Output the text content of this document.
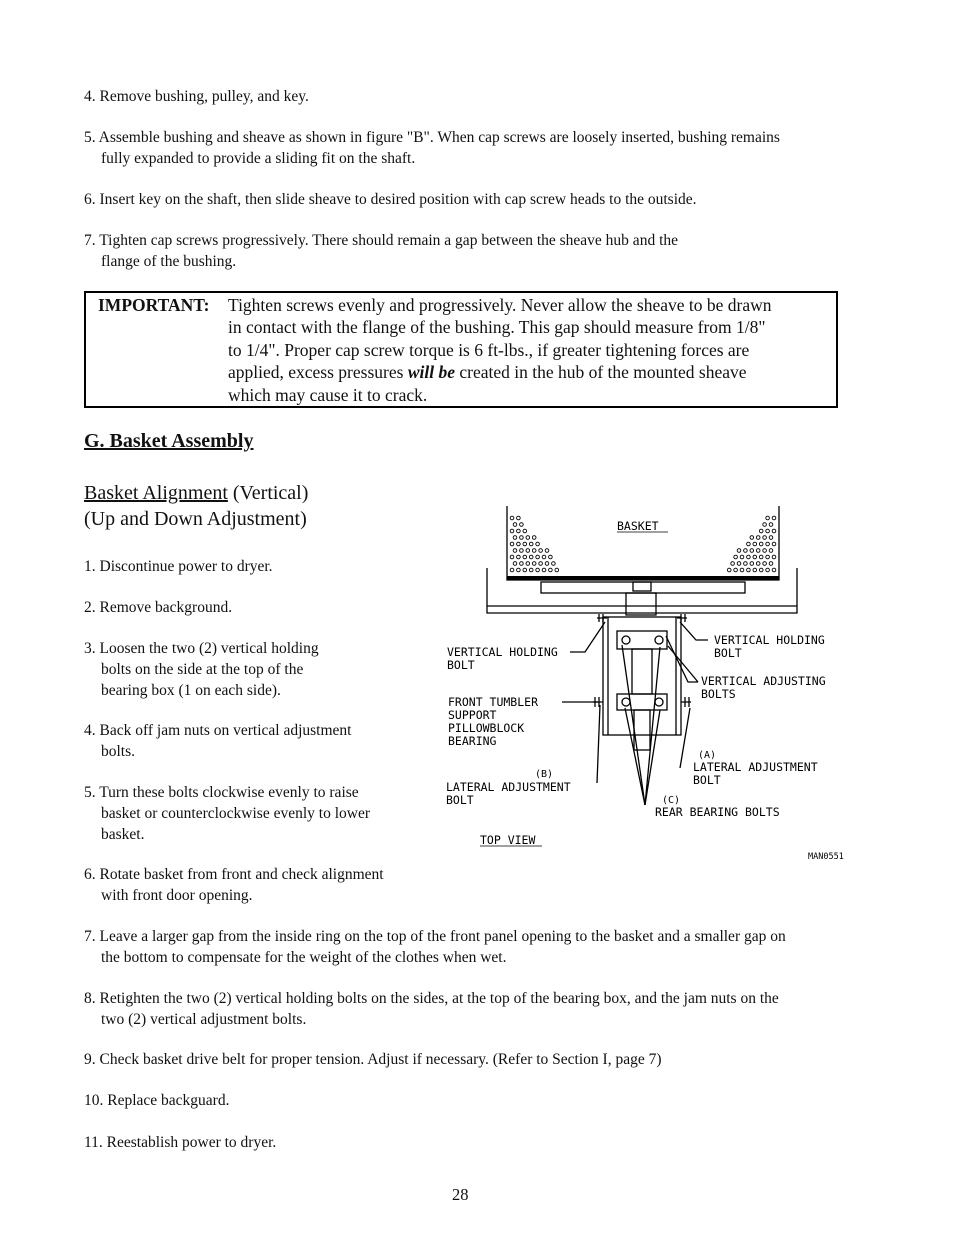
4. Remove bushing, pulley, and key.
5. Assemble bushing and sheave as shown in figure "B". When cap screws are loosely inserted, bushing remains
fully expanded to provide a sliding fit on the shaft.
6. Insert key on the shaft, then slide sheave to desired position with cap screw heads to the outside.
7. Tighten cap screws progressively. There should remain a gap between the sheave hub and the
flange of the bushing.
IMPORTANT: Tighten screws evenly and progressively. Never allow the sheave to be drawn
in contact with the flange of the bushing. This gap should measure from 1/8"
to 1/4". Proper cap screw torque is 6 ft-lbs., if greater tightening forces are
applied, excess pressures will be created in the hub of the mounted sheave
which may cause it to crack.
G. Basket Assembly
Basket Alignment (Vertical)
(Up and Down Adjustment)
1. Discontinue power to dryer.
2. Remove background.
3. Loosen the two (2) vertical holding
bolts on the side at the top of the
bearing box (1 on each side).
4. Back off jam nuts on vertical adjustment
bolts.
5. Turn these bolts clockwise evenly to raise
basket or counterclockwise evenly to lower
basket.
6. Rotate basket from front and check alignment
with front door opening.
BASKET
VERTICAL HOLDING
BOLT
VERTICAL HOLDING
BOLT
VERTICAL ADJUSTING
BOLTS
FRONT TUMBLER
SUPPORT
PILLOWBLOCK
BEARING
(A)
LATERAL ADJUSTMENT
BOLT
(B)
LATERAL ADJUSTMENT
BOLT	(C)
REAR BEARING BOLTS
TOP VIEW
MAN0551
7. Leave a larger gap from the inside ring on the top of the front panel opening to the basket and a smaller gap on
the bottom to compensate for the weight of the clothes when wet.
8. Retighten the two (2) vertical holding bolts on the sides, at the top of the bearing box, and the jam nuts on the
two (2) vertical adjustment bolts.
9. Check basket drive belt for proper tension. Adjust if necessary. (Refer to Section I, page 7)
10. Replace backguard.
11. Reestablish power to dryer.
28
